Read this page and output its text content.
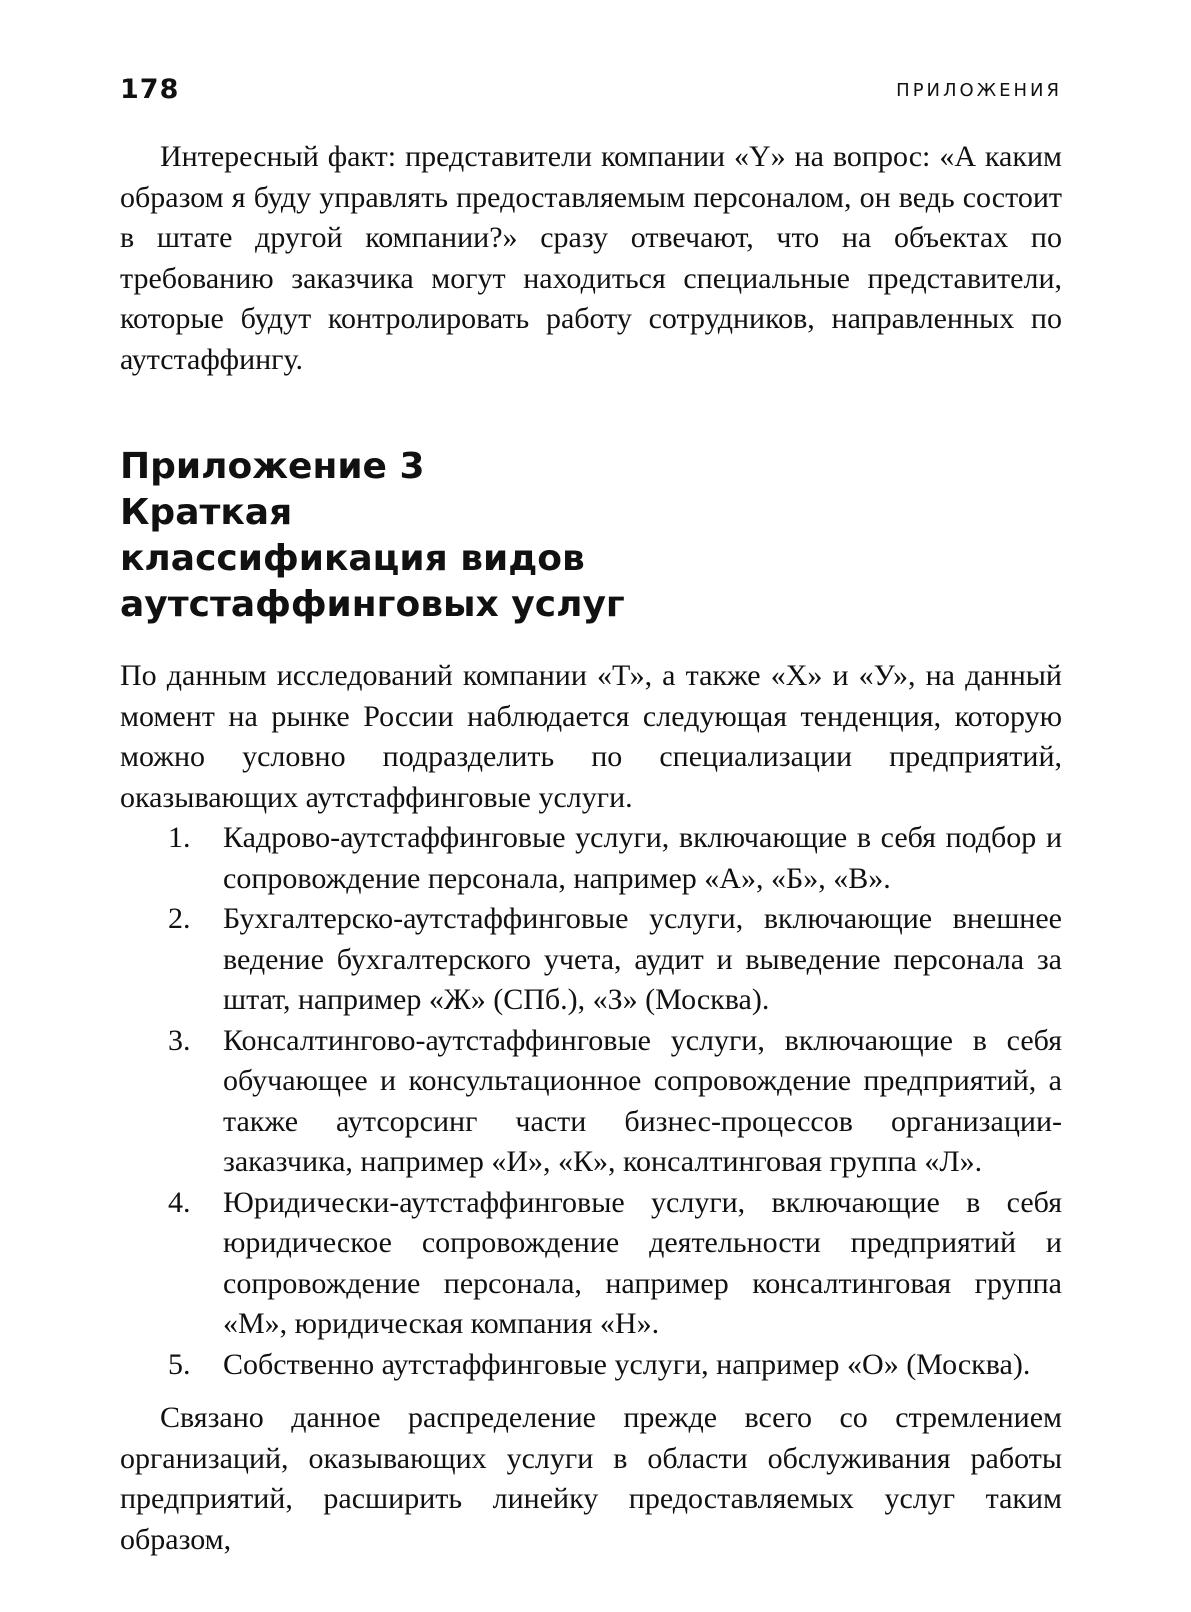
178	ПРИЛОЖЕНИЯ

Интересный факт: представители компании «Y» на вопрос: «А каким образом я буду управлять предоставляемым персоналом, он ведь состоит в штате другой компании?» сразу отвечают, что на объектах по требованию заказчика могут находиться специальные представители, которые будут контролировать работу сотрудников, направленных по аутстаффингу.

Приложение 3
Краткая
классификация видов
аутстаффинговых услуг

По данным исследований компании «Т», а также «Х» и «У», на данный момент на рынке России наблюдается следующая тенденция, которую можно условно подразделить по специализации предприятий, оказывающих аутстаффинговые услуги.

1. Кадрово-аутстаффинговые услуги, включающие в себя подбор и сопровождение персонала, например «А», «Б», «В».
2. Бухгалтерско-аутстаффинговые услуги, включающие внешнее ведение бухгалтерского учета, аудит и выведение персонала за штат, например «Ж» (СПб.), «З» (Москва).
3. Консалтингово-аутстаффинговые услуги, включающие в себя обучающее и консультационное сопровождение предприятий, а также аутсорсинг части бизнес-процессов организации-заказчика, например «И», «К», консалтинговая группа «Л».
4. Юридически-аутстаффинговые услуги, включающие в себя юридическое сопровождение деятельности предприятий и сопровождение персонала, например консалтинговая группа «М», юридическая компания «Н».
5. Собственно аутстаффинговые услуги, например «О» (Москва).

Связано данное распределение прежде всего со стремлением организаций, оказывающих услуги в области обслуживания работы предприятий, расширить линейку предоставляемых услуг таким образом,
